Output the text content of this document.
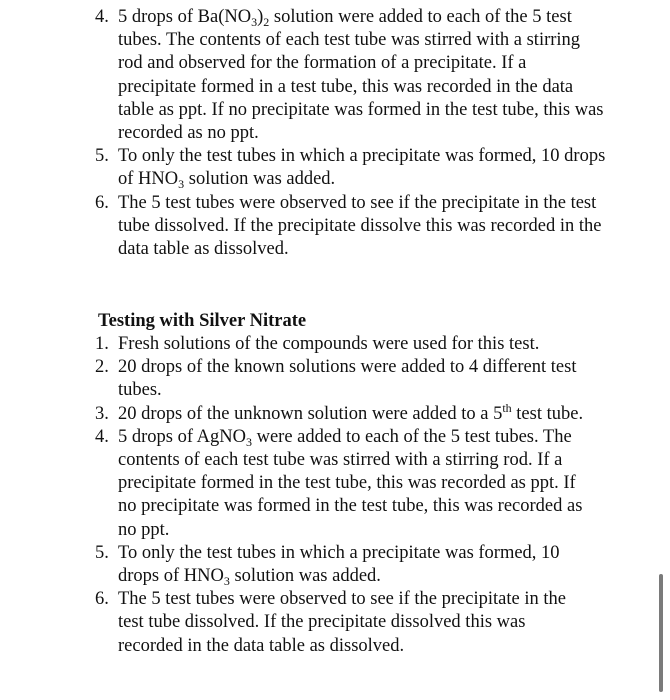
4. 5 drops of $Ba(NO_3)_2$ solution were added to each of the 5 test tubes. The contents of each test tube was stirred with a stirring rod and observed for the formation of a precipitate. If a precipitate formed in a test tube, this was recorded in the data table as ppt. If no precipitate was formed in the test tube, this was recorded as no ppt.
5. To only the test tubes in which a precipitate was formed, 10 drops of $HNO_3$ solution was added.
6. The 5 test tubes were observed to see if the precipitate in the test tube dissolved. If the precipitate dissolve this was recorded in the data table as dissolved.
Testing with Silver Nitrate
1. Fresh solutions of the compounds were used for this test.
2. 20 drops of the known solutions were added to 4 different test tubes.
3. 20 drops of the unknown solution were added to a 5th test tube.
4. 5 drops of AgNO$_3$ were added to each of the 5 test tubes. The contents of each test tube was stirred with a stirring rod. If a precipitate formed in the test tube, this was recorded as ppt. If no precipitate was formed in the test tube, this was recorded as no ppt.
5. To only the test tubes in which a precipitate was formed, 10 drops of $HNO_3$ solution was added.
6. The 5 test tubes were observed to see if the precipitate in the test tube dissolved. If the precipitate dissolved this was recorded in the data table as dissolved.
